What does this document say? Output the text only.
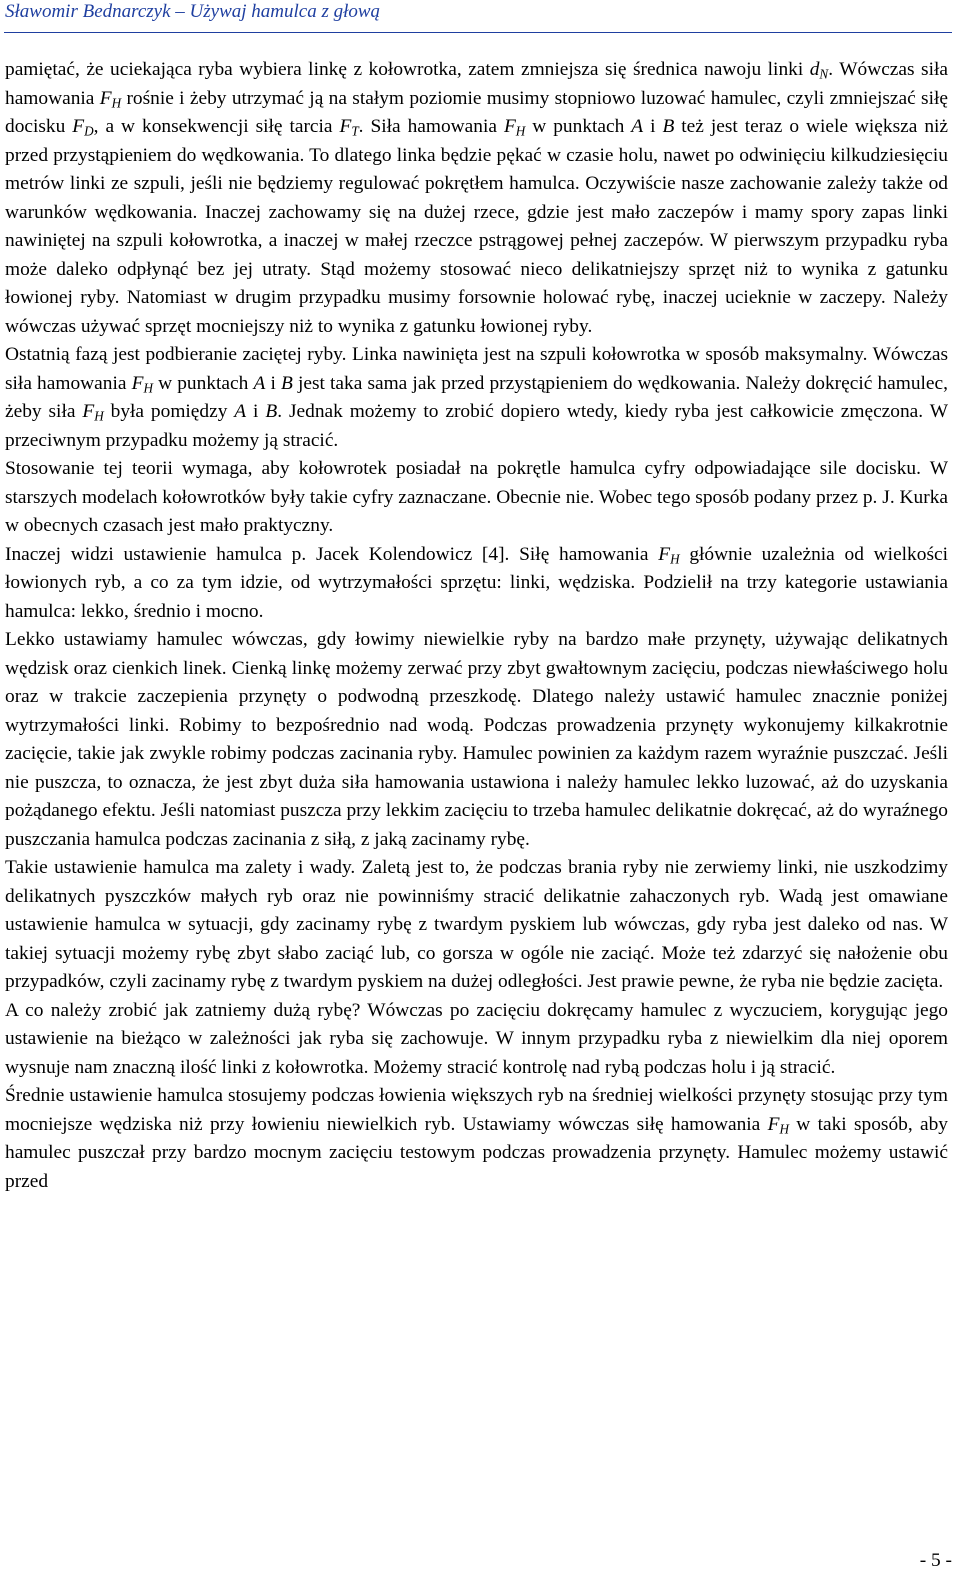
Sławomir Bednarczyk – Używaj hamulca z głową

pamiętać, że uciekająca ryba wybiera linkę z kołowrotka, zatem zmniejsza się średnica nawoju linki $d_N$. Wówczas siła hamowania $F_H$ rośnie i żeby utrzymać ją na stałym poziomie musimy stopniowo luzować hamulec, czyli zmniejszać siłę docisku $F_D$, a w konsekwencji siłę tarcia $F_T$. Siła hamowania $F_H$ w punktach A i B też jest teraz o wiele większa niż przed przystąpieniem do wędkowania. To dlatego linka będzie pękać w czasie holu, nawet po odwinięciu kilkudziesięciu metrów linki ze szpuli, jeśli nie będziemy regulować pokrętłem hamulca. Oczywiście nasze zachowanie zależy także od warunków wędkowania. Inaczej zachowamy się na dużej rzece, gdzie jest mało zaczepów i mamy spory zapas linki nawiniętej na szpuli kołowrotka, a inaczej w małej rzeczce pstrągowej pełnej zaczepów. W pierwszym przypadku ryba może daleko odpłynąć bez jej utraty. Stąd możemy stosować nieco delikatniejszy sprzęt niż to wynika z gatunku łowionej ryby. Natomiast w drugim przypadku musimy forsownie holować rybę, inaczej ucieknie w zaczepy. Należy wówczas używać sprzęt mocniejszy niż to wynika z gatunku łowionej ryby.

Ostatnią fazą jest podbieranie zaciętej ryby. Linka nawinięta jest na szpuli kołowrotka w sposób maksymalny. Wówczas siła hamowania $F_H$ w punktach A i B jest taka sama jak przed przystąpieniem do wędkowania. Należy dokręcić hamulec, żeby siła $F_H$ była pomiędzy A i B. Jednak możemy to zrobić dopiero wtedy, kiedy ryba jest całkowicie zmęczona. W przeciwnym przypadku możemy ją stracić.

Stosowanie tej teorii wymaga, aby kołowrotek posiadał na pokrętle hamulca cyfry odpowiadające sile docisku. W starszych modelach kołowrotków były takie cyfry zaznaczane. Obecnie nie. Wobec tego sposób podany przez p. J. Kurka w obecnych czasach jest mało praktyczny.

Inaczej widzi ustawienie hamulca p. Jacek Kolendowicz [4]. Siłę hamowania $F_H$ głównie uzależnia od wielkości łowionych ryb, a co za tym idzie, od wytrzymałości sprzętu: linki, wędziska. Podzielił na trzy kategorie ustawiania hamulca: lekko, średnio i mocno.

Lekko ustawiamy hamulec wówczas, gdy łowimy niewielkie ryby na bardzo małe przynęty, używając delikatnych wędzisk oraz cienkich linek. Cienką linkę możemy zerwać przy zbyt gwałtownym zacięciu, podczas niewłaściwego holu oraz w trakcie zaczepienia przynęty o podwodną przeszkodę. Dlatego należy ustawić hamulec znacznie poniżej wytrzymałości linki. Robimy to bezpośrednio nad wodą. Podczas prowadzenia przynęty wykonujemy kilkakrotnie zacięcie, takie jak zwykle robimy podczas zacinania ryby. Hamulec powinien za każdym razem wyraźnie puszczać. Jeśli nie puszcza, to oznacza, że jest zbyt duża siła hamowania ustawiona i należy hamulec lekko luzować, aż do uzyskania pożądanego efektu. Jeśli natomiast puszcza przy lekkim zacięciu to trzeba hamulec delikatnie dokręcać, aż do wyraźnego puszczania hamulca podczas zacinania z siłą, z jaką zacinamy rybę.

Takie ustawienie hamulca ma zalety i wady. Zaletą jest to, że podczas brania ryby nie zerwiemy linki, nie uszkodzimy delikatnych pyszczków małych ryb oraz nie powinniśmy stracić delikatnie zahaczonych ryb. Wadą jest omawiane ustawienie hamulca w sytuacji, gdy zacinamy rybę z twardym pyskiem lub wówczas, gdy ryba jest daleko od nas. W takiej sytuacji możemy rybę zbyt słabo zaciąć lub, co gorsza w ogóle nie zaciąć. Może też zdarzyć się nałożenie obu przypadków, czyli zacinamy rybę z twardym pyskiem na dużej odległości. Jest prawie pewne, że ryba nie będzie zacięta.

A co należy zrobić jak zatniemy dużą rybę? Wówczas po zacięciu dokręcamy hamulec z wyczuciem, korygując jego ustawienie na bieżąco w zależności jak ryba się zachowuje. W innym przypadku ryba z niewielkim dla niej oporem wysnuje nam znaczną ilość linki z kołowrotka. Możemy stracić kontrolę nad rybą podczas holu i ją stracić.

Średnie ustawienie hamulca stosujemy podczas łowienia większych ryb na średniej wielkości przynęty stosując przy tym mocniejsze wędziska niż przy łowieniu niewielkich ryb. Ustawiamy wówczas siłę hamowania $F_H$ w taki sposób, aby hamulec puszczał przy bardzo mocnym zacięciu testowym podczas prowadzenia przynęty. Hamulec możemy ustawić przed

- 5 -
